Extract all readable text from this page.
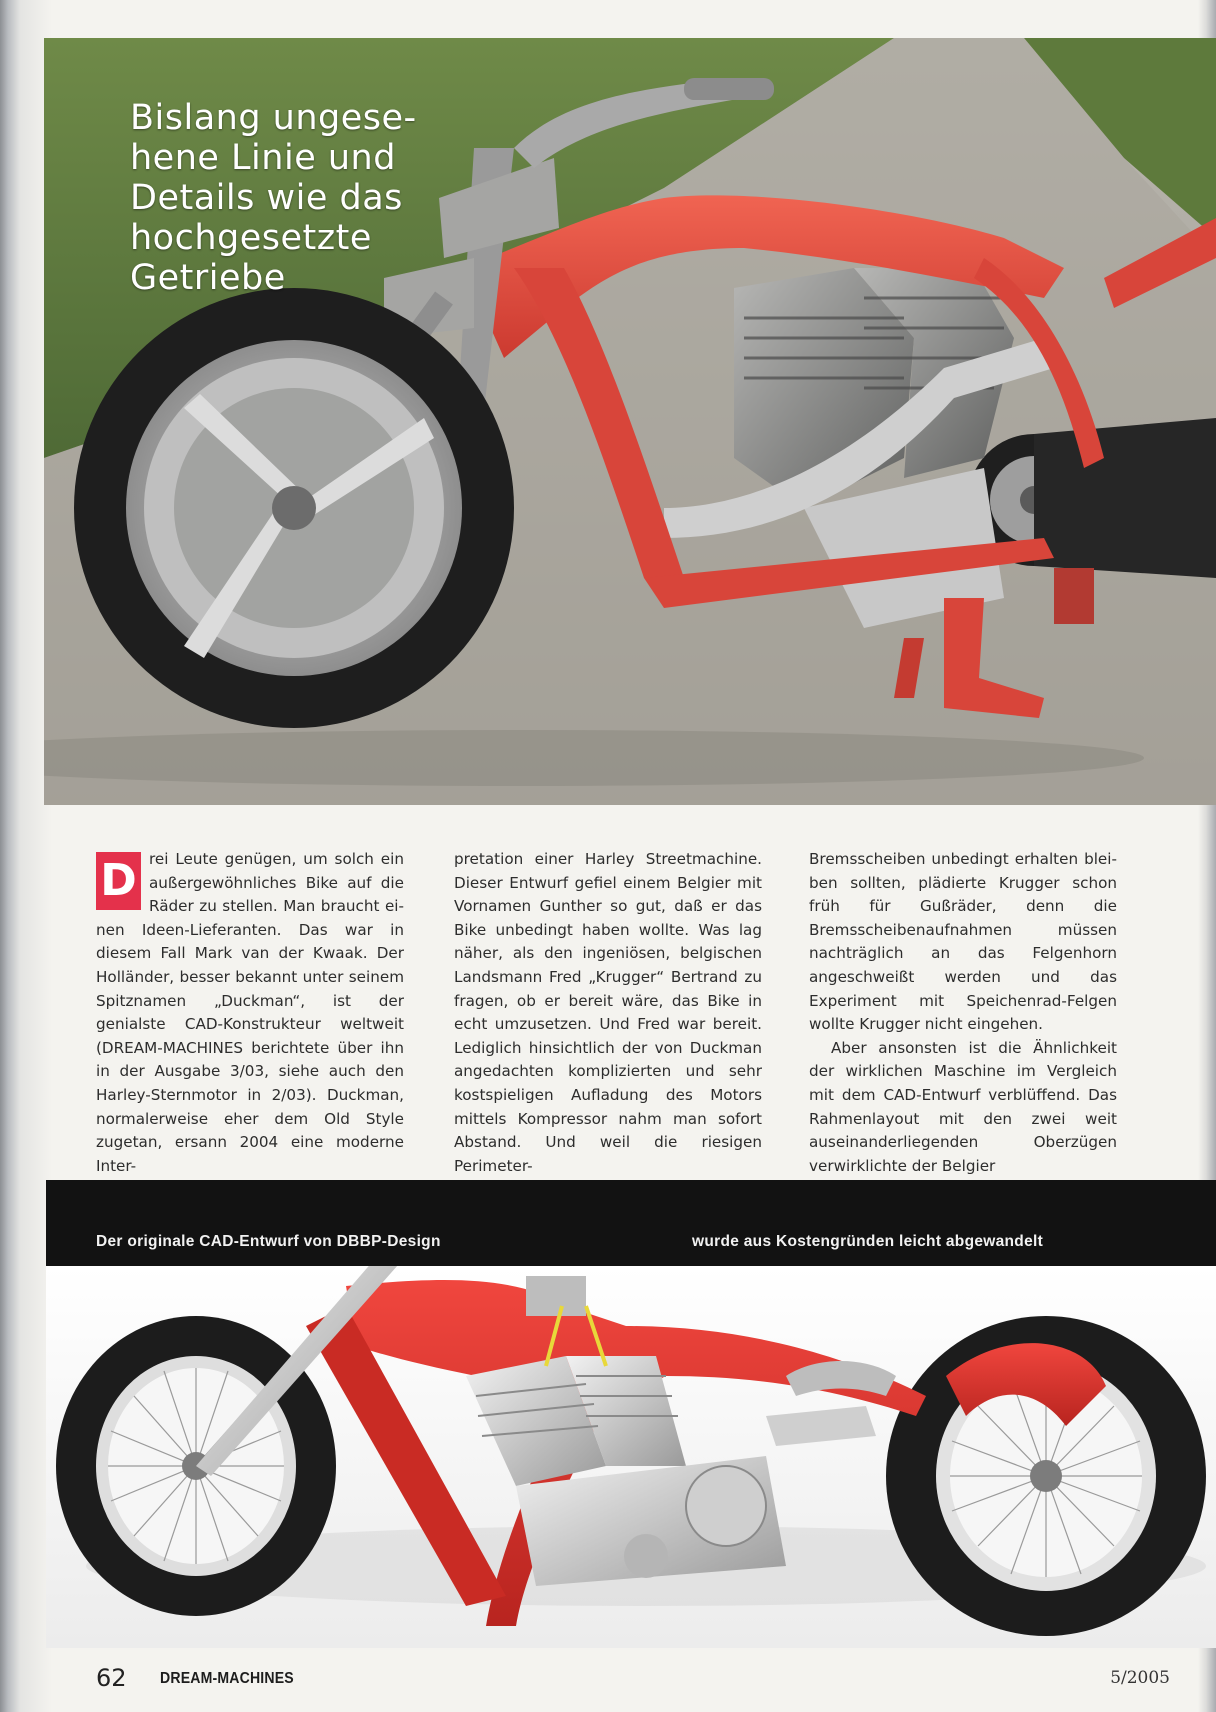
Bislang ungese-
hene Linie und
Details wie das
hochgesetzte
Getriebe

D rei Leute genügen, um solch ein außergewöhnliches Bike auf die Räder zu stellen. Man braucht einen Ideen-Lieferanten. Das war in diesem Fall Mark van der Kwaak. Der Holländer, besser bekannt unter seinem Spitznamen „Duckman“, ist der genialste CAD-Konstrukteur weltweit (DREAM-MACHINES berichtete über ihn in der Ausgabe 3/03, siehe auch den Harley-Sternmotor in 2/03). Duckman, normalerweise eher dem Old Style zugetan, ersann 2004 eine moderne Inter-

pretation einer Harley Streetmachine. Dieser Entwurf gefiel einem Belgier mit Vornamen Gunther so gut, daß er das Bike unbedingt haben wollte. Was lag näher, als den ingeniösen, belgischen Landsmann Fred „Krugger“ Bertrand zu fragen, ob er bereit wäre, das Bike in echt umzusetzen. Und Fred war bereit. Lediglich hinsichtlich der von Duckman angedachten komplizierten und sehr kostspieligen Aufladung des Motors mittels Kompressor nahm man sofort Abstand. Und weil die riesigen Perimeter-

Bremsscheiben unbedingt erhalten bleiben sollten, plädierte Krugger schon früh für Gußräder, denn die Bremsscheibenaufnahmen müssen nachträglich an das Felgenhorn angeschweißt werden und das Experiment mit Speichenrad-Felgen wollte Krugger nicht eingehen.

Aber ansonsten ist die Ähnlichkeit der wirklichen Maschine im Vergleich mit dem CAD-Entwurf verblüffend. Das Rahmenlayout mit den zwei weit auseinanderliegenden Oberzügen verwirklichte der Belgier

Der originale CAD-Entwurf von DBBP-Design	wurde aus Kostengründen leicht abgewandelt
62 DREAM-MACHINES	5/2005
